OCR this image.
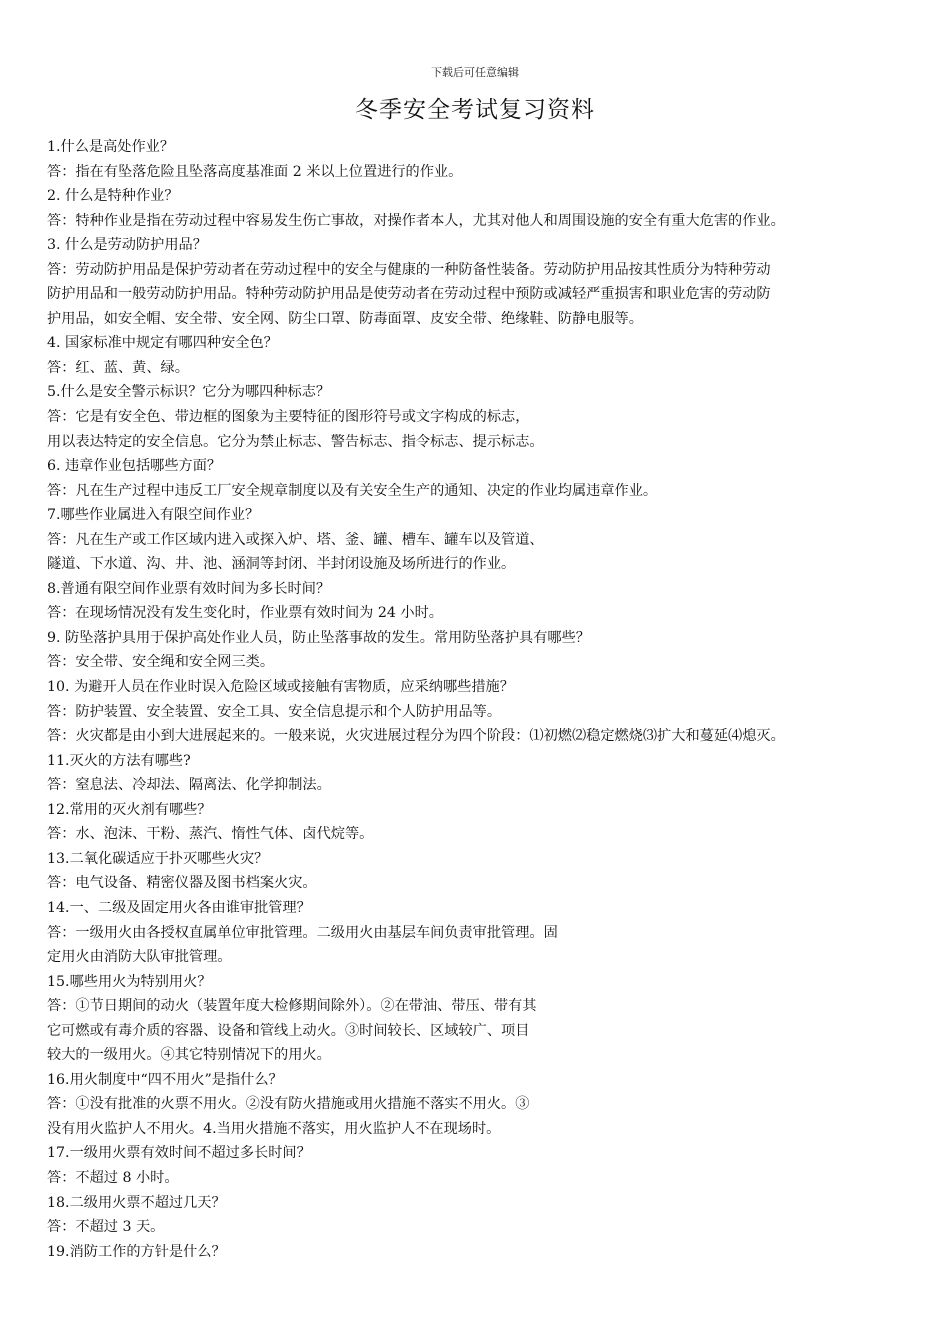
下载后可任意编辑
冬季安全考试复习资料

1.什么是高处作业？

答：指在有坠落危险且坠落高度基准面 2 米以上位置进行的作业。

2. 什么是特种作业？

答：特种作业是指在劳动过程中容易发生伤亡事故，对操作者本人，尤其对他人和周围设施的安全有重大危害的作业。

3. 什么是劳动防护用品？

答：劳动防护用品是保护劳动者在劳动过程中的安全与健康的一种防备性装备。劳动防护用品按其性质分为特种劳动

防护用品和一般劳动防护用品。特种劳动防护用品是使劳动者在劳动过程中预防或减轻严重损害和职业危害的劳动防

护用品，如安全帽、安全带、安全网、防尘口罩、防毒面罩、皮安全带、绝缘鞋、防静电服等。

4. 国家标准中规定有哪四种安全色？

答：红、蓝、黄、绿。

5.什么是安全警示标识？它分为哪四种标志？

答：它是有安全色、带边框的图象为主要特征的图形符号或文字构成的标志，

用以表达特定的安全信息。它分为禁止标志、警告标志、指令标志、提示标志。

6. 违章作业包括哪些方面？

答：凡在生产过程中违反工厂安全规章制度以及有关安全生产的通知、决定的作业均属违章作业。

7.哪些作业属进入有限空间作业？

答：凡在生产或工作区域内进入或探入炉、塔、釜、罐、槽车、罐车以及管道、

隧道、下水道、沟、井、池、涵洞等封闭、半封闭设施及场所进行的作业。

8.普通有限空间作业票有效时间为多长时间？

答：在现场情况没有发生变化时，作业票有效时间为 24 小时。

9. 防坠落护具用于保护高处作业人员，防止坠落事故的发生。常用防坠落护具有哪些？

答：安全带、安全绳和安全网三类。

10. 为避开人员在作业时误入危险区域或接触有害物质，应采纳哪些措施？

答：防护装置、安全装置、安全工具、安全信息提示和个人防护用品等。

答：火灾都是由小到大进展起来的。一般来说，火灾进展过程分为四个阶段：⑴初燃⑵稳定燃烧⑶扩大和蔓延⑷熄灭。

11.灭火的方法有哪些?

答：窒息法、冷却法、隔离法、化学抑制法。

12.常用的灭火剂有哪些？

答：水、泡沫、干粉、蒸汽、惰性气体、卤代烷等。

13.二氧化碳适应于扑灭哪些火灾？

答：电气设备、精密仪器及图书档案火灾。

14.一、二级及固定用火各由谁审批管理？

答：一级用火由各授权直属单位审批管理。二级用火由基层车间负责审批管理。固

定用火由消防大队审批管理。

15.哪些用火为特别用火？

答：①节日期间的动火（装置年度大检修期间除外）。②在带油、带压、带有其

它可燃或有毒介质的容器、设备和管线上动火。③时间较长、区域较广、项目

较大的一级用火。④其它特别情况下的用火。

16.用火制度中“四不用火”是指什么？

答：①没有批准的火票不用火。②没有防火措施或用火措施不落实不用火。③

没有用火监护人不用火。4.当用火措施不落实，用火监护人不在现场时。

17.一级用火票有效时间不超过多长时间？

答：不超过 8 小时。

18.二级用火票不超过几天？

答：不超过 3 天。

19.消防工作的方针是什么？
